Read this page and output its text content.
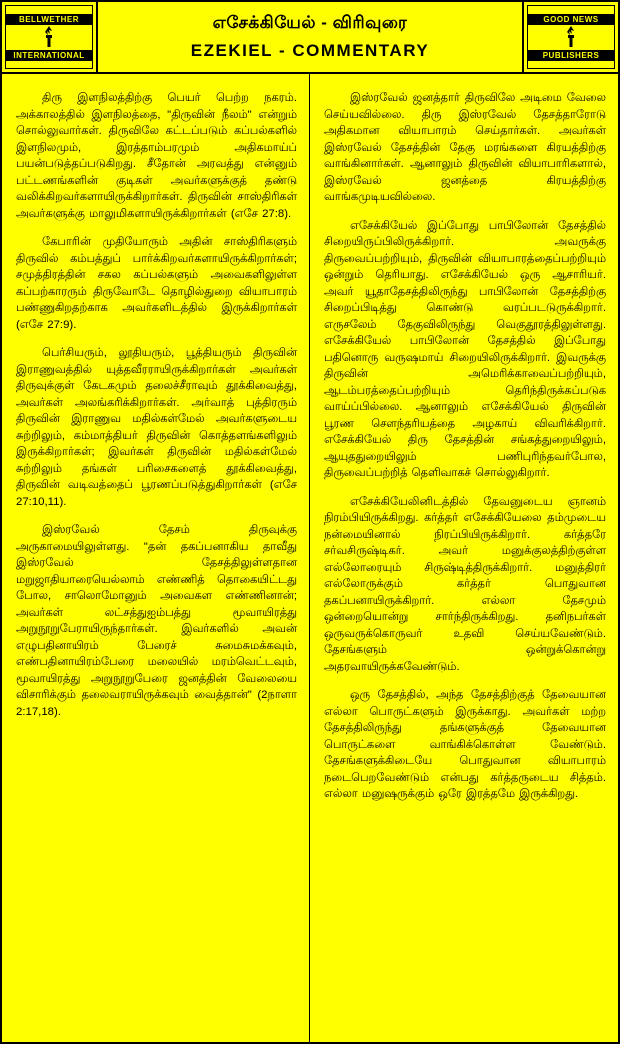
BELLWETHER
INTERNATIONAL
எசேக்கியேல் - விரிவுரை
EZEKIEL - COMMENTARY
GOOD NEWS
PUBLISHERS

திரு இளநிலத்திற்கு பெயர் பெற்ற நகரம். அக்காலத்தில் இளநிலத்தை, "திருவின் நீலம்" என்றும் சொல்லுவார்கள். திருவிலே கட்டப்படும் கப்பல்களில் இளநிலமும், இரத்தாம்பரமும் அதிகமாய்ப் பயன்படுத்தப்படுகிறது. சீதோன் அரவத்து என்னும் பட்டணங்களின் குடிகள் அவர்களுக்குத் தண்டு வலிக்கிறவர்களாயிருக்கிறார்கள். திருவின் சாஸ்திரிகள் அவர்களுக்கு மாலுமிகளாயிருக்கிறார்கள் (எசே 27:8).

கேபாரின் முதியோரும் அதின் சாஸ்திரிகளும் திருவில் கம்பத்துப் பார்க்கிறவர்களாயிருக்கிறார்கள்; சமுத்திரத்தின் சகல கப்பல்களும் அவைகளிலுள்ள கப்பற்காரரும் திருவோடே தொழில்துறை வியாபாரம் பண்ணுகிறதற்காக அவர்களிடத்தில் இருக்கிறார்கள் (எசே 27:9).

பெர்சியரும், லூதியரும், பூத்தியரும் திருவின் இராணுவத்தில் யுத்தவீரராயிருக்கிறார்கள் அவர்கள் திருவுக்குள் கேடகமும் தலைச்சீராவும் தூக்கிவைத்து, அவர்கள் அலங்கரிக்கிறார்கள். அர்வாத் புத்திரரும் திருவின் இராணுவ மதில்கள்மேல் அவர்களுடைய சுற்றிலும், கம்மாத்தியர் திருவின் கொத்தளங்களிலும் இருக்கிறார்கள்; இவர்கள் திருவின் மதில்கள்மேல் சுற்றிலும் தங்கள் பரிசைகளைத் தூக்கிவைத்து, திருவின் வடிவத்தைப் பூரணப்படுத்துகிறார்கள் (எசே 27:10,11).

இஸ்ரவேல் தேசம் திருவுக்கு அருகாமையிலுள்ளது. "தன் தகப்பனாகிய தாவீது இஸ்ரவேல் தேசத்திலுள்ளதான மறுஜாதியாரையெல்லாம் எண்ணித் தொகையிட்டது போல, சாலொமோனும் அவைகள எண்ணினான்; அவர்கள் லட்சத்துஐம்பத்து மூவாயிரத்து அறுநூறுபேராயிருந்தார்கள். இவர்களில் அவன் எழுபதினாயிரம் பேரைச் சுமைசுமக்கவும், எண்பதினாயிரம்பேரை மலையில் மரம்வெட்டவும், மூவாயிரத்து அறுநூறுபேரை ஜனத்தின் வேலையை விசாரிக்கும் தலைவராயிருக்கவும் வைத்தான்" (2நாளா 2:17,18).

இஸ்ரவேல் ஜனத்தார் திருவிலே அடிமை வேலை செய்யவில்லை. திரு இஸ்ரவேல் தேசத்தாரோடு அதிகமான வியாபாரம் செய்தார்கள். அவர்கள் இஸ்ரவேல் தேசத்தின் தேகு மரங்களை கிரயத்திற்கு வாங்கினார்கள். ஆனாலும் திருவின் வியாபாரிகளால், இஸ்ரவேல் ஜனத்தை கிரயத்திற்கு வாங்கமுடியவில்லை.

எசேக்கியேல் இப்போது பாபிலோன் தேசத்தில் சிறையிருப்பிலிருக்கிறார். அவருக்கு திருவைப்பற்றியும், திருவின் வியாபாரத்தைப்பற்றியும் ஒன்றும் தெரியாது. எசேக்கியேல் ஒரு ஆசாரியர். அவர் யூதாதேசத்திலிருந்து பாபிலோன் தேசத்திற்கு சிறைப்பிடித்து கொண்டு வரப்படடுருக்கிறார். எருசலேம் தேகுவிலிருந்து வெகுதூரத்திலுள்ளது. எசேக்கியேல் பாபிலோன் தேசத்தில் இப்போது பதினொரு வருஷமாய் சிறையிலிருக்கிறார். இவருக்கு திருவின் அமெரிக்காவைப்பற்றியும், ஆடம்பரத்தைப்பற்றியும் தெரிந்திருக்கப்படுக வாய்ப்பில்லை. ஆனாலும் எசேக்கியேல் திருவின் பூரண சௌந்தரியத்தை அழகாய் விவரிக்கிறார். எசேக்கியேல் திரு தேசத்தின் சங்கத்துறையிலும், ஆயுததுறையிலும் பணிபுரிந்தவர்போல, திருவைப்பற்றித் தெளிவாகச் சொல்லுகிறார்.

எசேக்கியேலினிடத்தில் தேவனுடைய ஞானம் நிரம்பியிருக்கிறது. கர்த்தர் எசேக்கியேலை தம்முடைய நன்மையினால் நிரப்பியிருக்கிறார். கர்த்தரே சர்வசிருஷ்டிகர். அவர் மனுக்குலத்திற்குள்ள எல்லோரையும் சிருஷ்டித்திருக்கிறார். மனுத்திரர் எல்லோருக்கும் கர்த்தர் பொதுவான தகப்பனாயிருக்கிறார். எல்லா தேசமும் ஒன்றையொன்று சார்ந்திருக்கிறது. தனிநபர்கள் ஒருவருக்கொருவர் உதவி செய்யவேண்டும். தேசங்களும் ஒன்றுக்கொன்று அதரவாயிருக்கவேண்டும்.

ஒரு தேசத்தில், அந்த தேசத்திற்குத் தேவையான எல்லா பொருட்களும் இருக்காது. அவர்கள் மற்ற தேசத்திலிருந்து தங்களுக்குத் தேவையான பொருட்களை வாங்கிக்கொள்ள வேண்டும். தேசங்களுக்கிடையே பொதுவான வியாபாரம் நடைபெறவேண்டும் என்பது கர்த்தருடைய சித்தம். எல்லா மனுஷருக்கும் ஒரே இரத்தமே இருக்கிறது.
